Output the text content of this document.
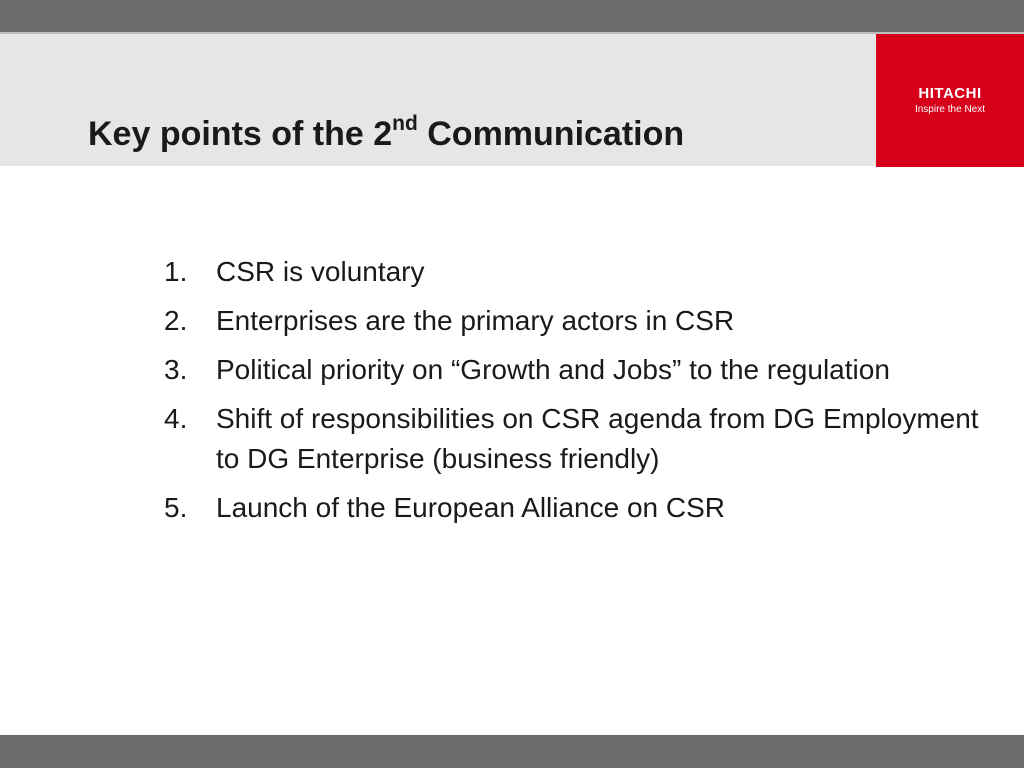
HITACHI
Inspire the Next
Key points of the 2nd Communication
1. CSR is voluntary
2. Enterprises are the primary actors in CSR
3. Political priority on “Growth and Jobs” to the regulation
4. Shift of responsibilities on CSR agenda from DG Employment to DG Enterprise (business friendly)
5. Launch of the European Alliance on CSR
